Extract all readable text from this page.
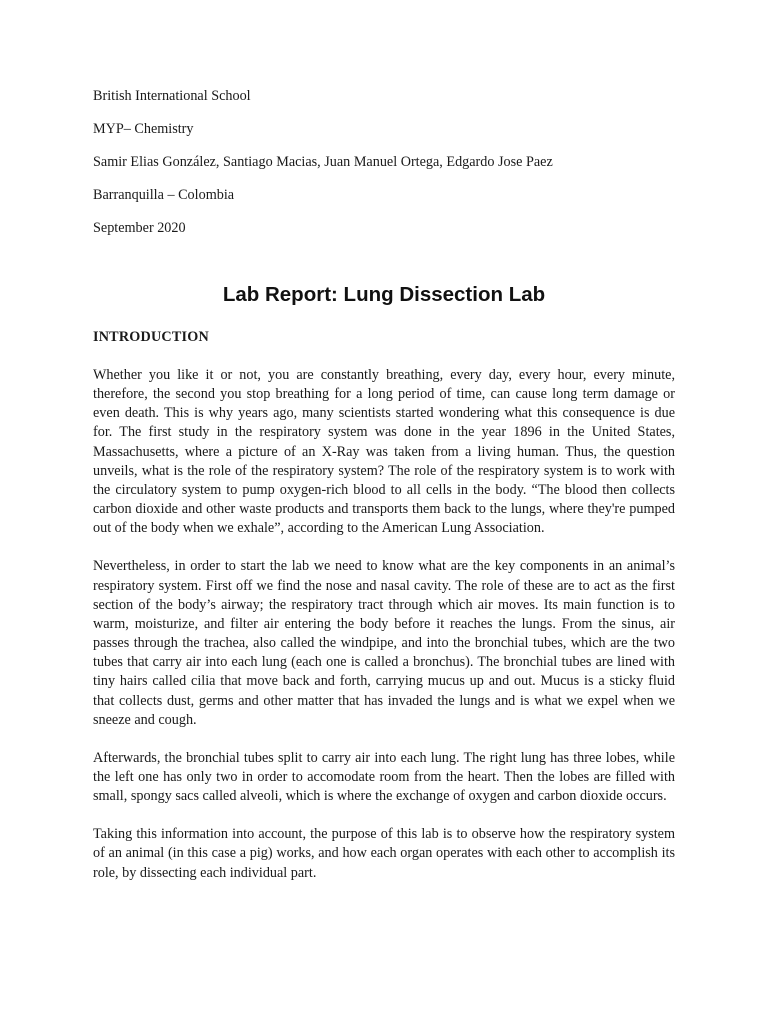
British International School

MYP– Chemistry

Samir Elias González, Santiago Macias, Juan Manuel Ortega, Edgardo Jose Paez

Barranquilla – Colombia

September 2020

Lab Report: Lung Dissection Lab
INTRODUCTION

Whether you like it or not, you are constantly breathing, every day, every hour, every minute, therefore, the second you stop breathing for a long period of time, can cause long term damage or even death. This is why years ago, many scientists started wondering what this consequence is due for. The first study in the respiratory system was done in the year 1896 in the United States, Massachusetts, where a picture of an X-Ray was taken from a living human. Thus, the question unveils, what is the role of the respiratory system? The role of the respiratory system is to work with the circulatory system to pump oxygen-rich blood to all cells in the body. “The blood then collects carbon dioxide and other waste products and transports them back to the lungs, where they're pumped out of the body when we exhale”, according to the American Lung Association.

Nevertheless, in order to start the lab we need to know what are the key components in an animal’s respiratory system. First off we find the nose and nasal cavity. The role of these are to act as the first section of the body’s airway; the respiratory tract through which air moves. Its main function is to warm, moisturize, and filter air entering the body before it reaches the lungs. From the sinus, air passes through the trachea, also called the windpipe, and into the bronchial tubes, which are the two tubes that carry air into each lung (each one is called a bronchus). The bronchial tubes are lined with tiny hairs called cilia that move back and forth, carrying mucus up and out. Mucus is a sticky fluid that collects dust, germs and other matter that has invaded the lungs and is what we expel when we sneeze and cough.

Afterwards, the bronchial tubes split to carry air into each lung. The right lung has three lobes, while the left one has only two in order to accomodate room from the heart. Then the lobes are filled with small, spongy sacs called alveoli, which is where the exchange of oxygen and carbon dioxide occurs.

Taking this information into account, the purpose of this lab is to observe how the respiratory system of an animal (in this case a pig) works, and how each organ operates with each other to accomplish its role, by dissecting each individual part.
